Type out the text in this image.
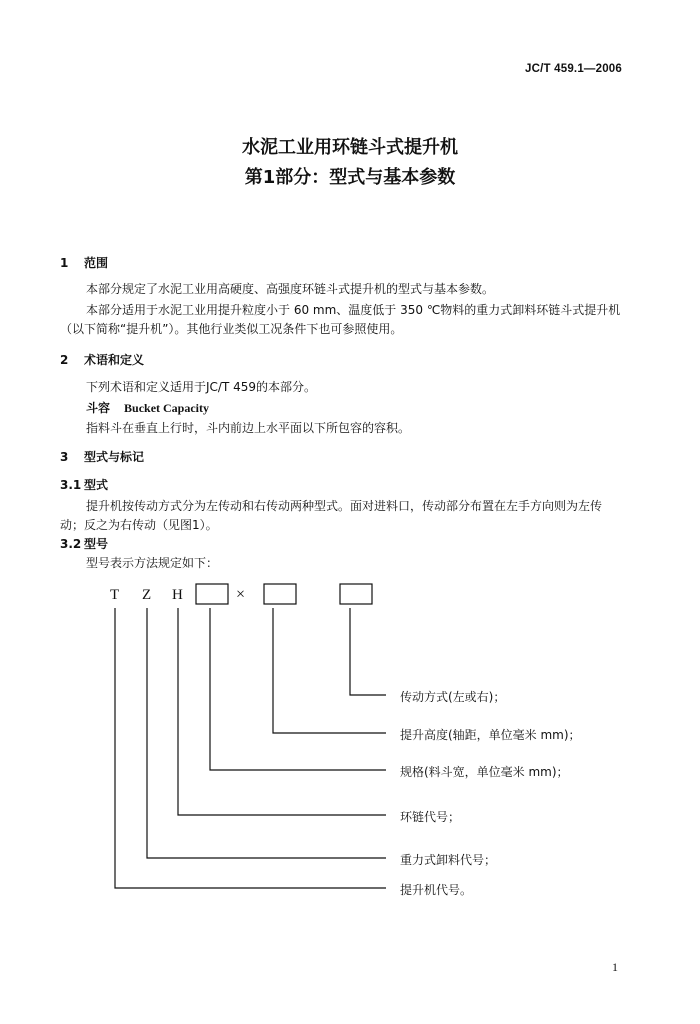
JC/T 459.1—2006
水泥工业用环链斗式提升机
第1部分：型式与基本参数
1 范围
本部分规定了水泥工业用高硬度、高强度环链斗式提升机的型式与基本参数。
本部分适用于水泥工业用提升粒度小于 60 mm、温度低于 350 ℃物料的重力式卸料环链斗式提升机
（以下简称“提升机”）。其他行业类似工况条件下也可参照使用。
2 术语和定义
下列术语和定义适用于JC/T 459的本部分。
斗容 Bucket Capacity
指料斗在垂直上行时，斗内前边上水平面以下所包容的容积。
3 型式与标记
3.1 型式
提升机按传动方式分为左传动和右传动两种型式。面对进料口，传动部分布置在左手方向则为左传
动；反之为右传动（见图1）。
3.2 型号
型号表示方法规定如下：
T Z H	×
传动方式(左或右)；
提升高度(轴距，单位毫米 mm)；
规格(料斗宽，单位毫米 mm)；
环链代号；
重力式卸料代号；
提升机代号。
1
